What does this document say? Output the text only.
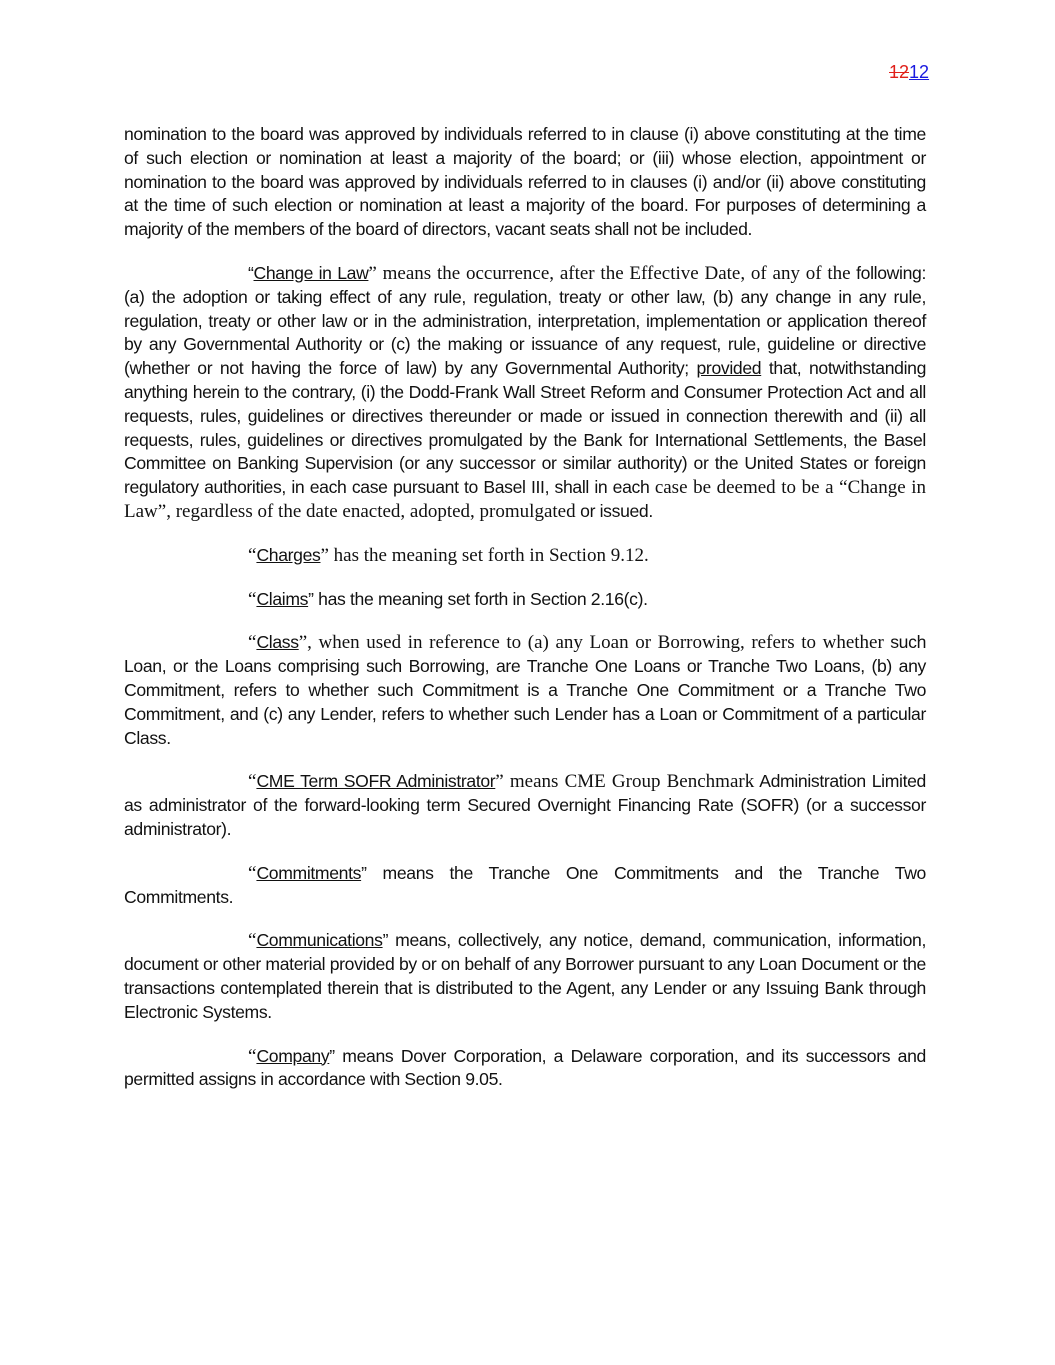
1212

nomination to the board was approved by individuals referred to in clause (i) above constituting at the time of such election or nomination at least a majority of the board; or (iii) whose election, appointment or nomination to the board was approved by individuals referred to in clauses (i) and/or (ii) above constituting at the time of such election or nomination at least a majority of the board. For purposes of determining a majority of the members of the board of directors, vacant seats shall not be included.

“Change in Law” means the occurrence, after the Effective Date, of any of the following: (a) the adoption or taking effect of any rule, regulation, treaty or other law, (b) any change in any rule, regulation, treaty or other law or in the administration, interpretation, implementation or application thereof by any Governmental Authority or (c) the making or issuance of any request, rule, guideline or directive (whether or not having the force of law) by any Governmental Authority; provided that, notwithstanding anything herein to the contrary, (i) the Dodd-Frank Wall Street Reform and Consumer Protection Act and all requests, rules, guidelines or directives thereunder or made or issued in connection therewith and (ii) all requests, rules, guidelines or directives promulgated by the Bank for International Settlements, the Basel Committee on Banking Supervision (or any successor or similar authority) or the United States or foreign regulatory authorities, in each case pursuant to Basel III, shall in each case be deemed to be a “Change in Law”, regardless of the date enacted, adopted, promulgated or issued.

“Charges” has the meaning set forth in Section 9.12.

“Claims” has the meaning set forth in Section 2.16(c).

“Class”, when used in reference to (a) any Loan or Borrowing, refers to whether such Loan, or the Loans comprising such Borrowing, are Tranche One Loans or Tranche Two Loans, (b) any Commitment, refers to whether such Commitment is a Tranche One Commitment or a Tranche Two Commitment, and (c) any Lender, refers to whether such Lender has a Loan or Commitment of a particular Class.

“CME Term SOFR Administrator” means CME Group Benchmark Administration Limited as administrator of the forward-looking term Secured Overnight Financing Rate (SOFR) (or a successor administrator).

“Commitments” means the Tranche One Commitments and the Tranche Two Commitments.

“Communications” means, collectively, any notice, demand, communication, information, document or other material provided by or on behalf of any Borrower pursuant to any Loan Document or the transactions contemplated therein that is distributed to the Agent, any Lender or any Issuing Bank through Electronic Systems.

“Company” means Dover Corporation, a Delaware corporation, and its successors and permitted assigns in accordance with Section 9.05.
